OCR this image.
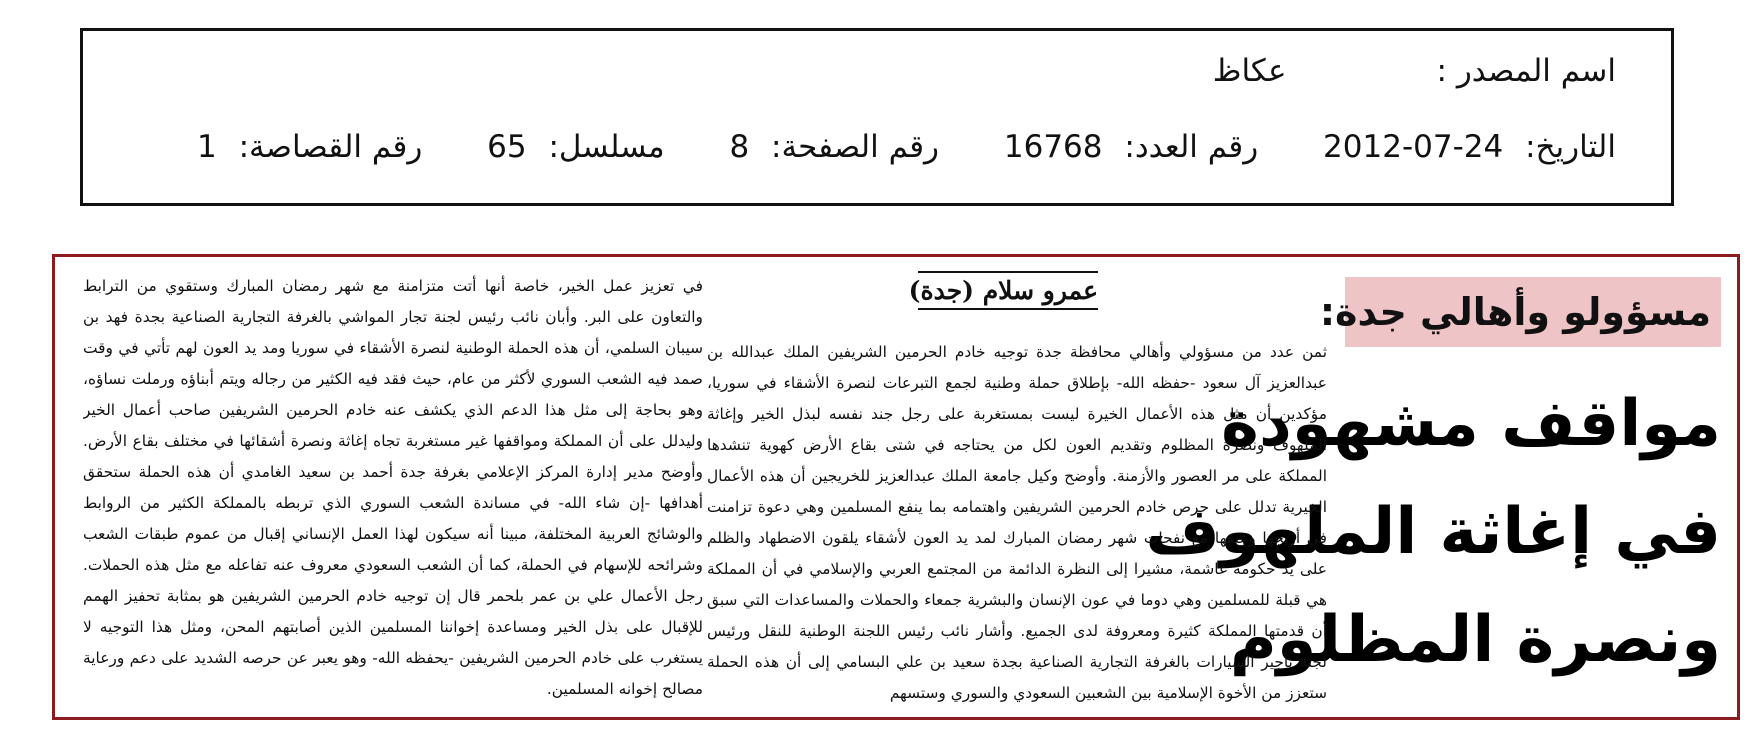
اسم المصدر :عكاظ
التاريخ: 2012-07-24 رقم العدد: 16768 رقم الصفحة: 8 مسلسل: 65 رقم القصاصة: 1
مسؤولو وأهالي جدة:
مواقف مشهودة
في إغاثة الملهوف
ونصرة المظلوم
عمرو سلام (جدة)
ثمن عدد من مسؤولي وأهالي محافظة جدة توجيه خادم الحرمين الشريفين الملك عبدالله بن عبدالعزيز آل سعود -حفظه الله- بإطلاق حملة وطنية لجمع التبرعات لنصرة الأشقاء في سوريا، مؤكدين أن مثل هذه الأعمال الخيرة ليست بمستغربة على رجل جند نفسه لبذل الخير وإغاثة الملهوف ونصرة المظلوم وتقديم العون لكل من يحتاجه في شتى بقاع الأرض كهوية تنشدها المملكة على مر العصور والأزمنة. وأوضح وكيل جامعة الملك عبدالعزيز للخريجين أن هذه الأعمال الخيرية تدلل على حرص خادم الحرمين الشريفين واهتمامه بما ينفع المسلمين وهي دعوة تزامنت في أريجها وعبقها مع نفحات شهر رمضان المبارك لمد يد العون لأشقاء يلقون الاضطهاد والظلم على يد حكومة غاشمة، مشيرا إلى النظرة الدائمة من المجتمع العربي والإسلامي في أن المملكة هي قبلة للمسلمين وهي دوما في عون الإنسان والبشرية جمعاء والحملات والمساعدات التي سبق أن قدمتها المملكة كثيرة ومعروفة لدى الجميع. وأشار نائب رئيس اللجنة الوطنية للنقل ورئيس لجنة تأجير السيارات بالغرفة التجارية الصناعية بجدة سعيد بن علي البسامي إلى أن هذه الحملة ستعزز من الأخوة الإسلامية بين الشعبين السعودي والسوري وستسهم
في تعزيز عمل الخير، خاصة أنها أتت متزامنة مع شهر رمضان المبارك وستقوي من الترابط والتعاون على البر. وأبان نائب رئيس لجنة تجار المواشي بالغرفة التجارية الصناعية بجدة فهد بن سيبان السلمي، أن هذه الحملة الوطنية لنصرة الأشقاء في سوريا ومد يد العون لهم تأتي في وقت صمد فيه الشعب السوري لأكثر من عام، حيث فقد فيه الكثير من رجاله ويتم أبناؤه ورملت نساؤه، وهو بحاجة إلى مثل هذا الدعم الذي يكشف عنه خادم الحرمين الشريفين صاحب أعمال الخير وليدلل على أن المملكة ومواقفها غير مستغربة تجاه إغاثة ونصرة أشقائها في مختلف بقاع الأرض. وأوضح مدير إدارة المركز الإعلامي بغرفة جدة أحمد بن سعيد الغامدي أن هذه الحملة ستحقق أهدافها -إن شاء الله- في مساندة الشعب السوري الذي تربطه بالمملكة الكثير من الروابط والوشائج العربية المختلفة، مبينا أنه سيكون لهذا العمل الإنساني إقبال من عموم طبقات الشعب وشرائحه للإسهام في الحملة، كما أن الشعب السعودي معروف عنه تفاعله مع مثل هذه الحملات. رجل الأعمال علي بن عمر بلحمر قال إن توجيه خادم الحرمين الشريفين هو بمثابة تحفيز الهمم للإقبال على بذل الخير ومساعدة إخواننا المسلمين الذين أصابتهم المحن، ومثل هذا التوجيه لا يستغرب على خادم الحرمين الشريفين -يحفظه الله- وهو يعبر عن حرصه الشديد على دعم ورعاية مصالح إخوانه المسلمين.
